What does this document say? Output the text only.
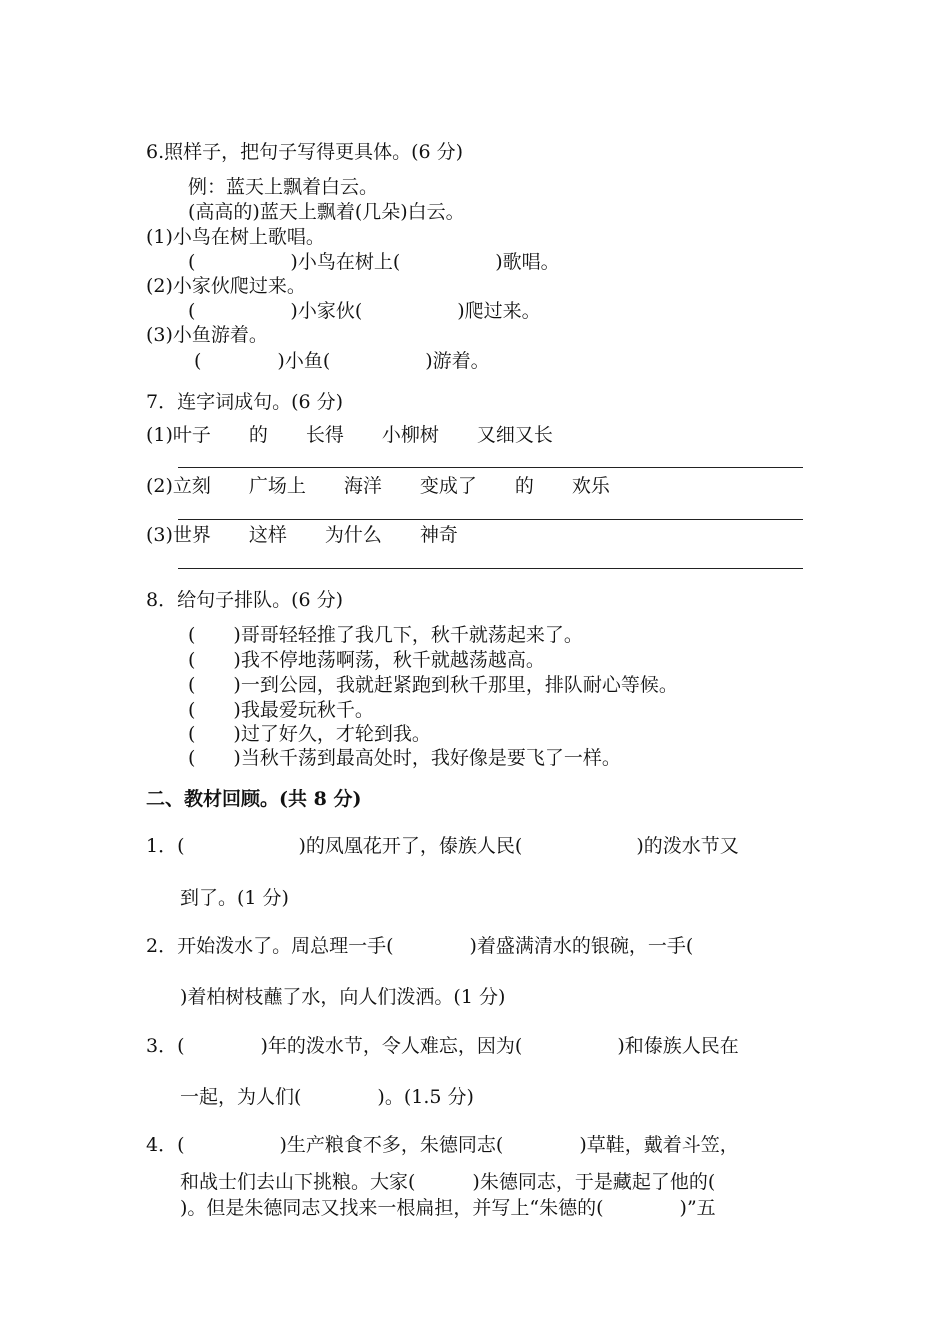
6.照样子，把句子写得更具体。(6 分)
例：蓝天上飘着白云。
(高高的)蓝天上飘着(几朵)白云。
(1)小鸟在树上歌唱。
(　　　　　)小鸟在树上(　　　　　)歌唱。
(2)小家伙爬过来。
(　　　　　)小家伙(　　　　　)爬过来。
(3)小鱼游着。
(　　　　)小鱼(　　　　　)游着。
7．连字词成句。(6 分)
(1)叶子　　的　　长得　　小柳树　　又细又长
(2)立刻　　广场上　　海洋　　变成了　　的　　欢乐
(3)世界　　这样　　为什么　　神奇
8．给句子排队。(6 分)
(　　)哥哥轻轻推了我几下，秋千就荡起来了。
(　　)我不停地荡啊荡，秋千就越荡越高。
(　　)一到公园，我就赶紧跑到秋千那里，排队耐心等候。
(　　)我最爱玩秋千。
(　　)过了好久，才轮到我。
(　　)当秋千荡到最高处时，我好像是要飞了一样。
二、教材回顾。(共 8 分)
1．(　　　　　　)的凤凰花开了，傣族人民(　　　　　　)的泼水节又
到了。(1 分)
2．开始泼水了。周总理一手(　　　　)着盛满清水的银碗，一手(
)着柏树枝蘸了水，向人们泼洒。(1 分)
3．(　　　　)年的泼水节，令人难忘，因为(　　　　　)和傣族人民在
一起，为人们(　　　　)。(1.5 分)
4．(　　　　　)生产粮食不多，朱德同志(　　　　)草鞋，戴着斗笠，
和战士们去山下挑粮。大家(　　　)朱德同志，于是藏起了他的(
)。但是朱德同志又找来一根扁担，并写上“朱德的(　　　　)”五
